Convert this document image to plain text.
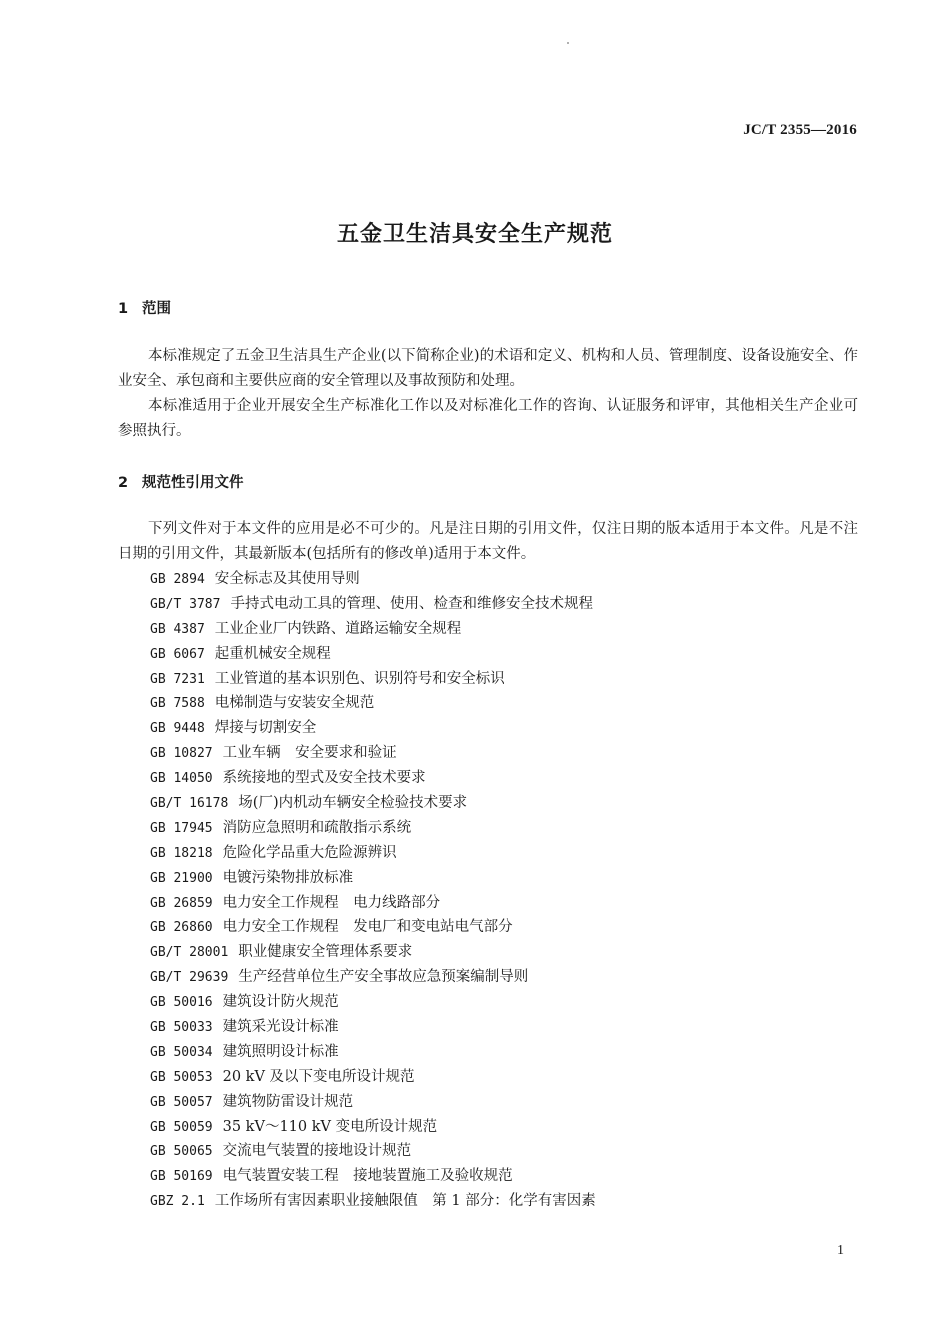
JC/T 2355—2016
五金卫生洁具安全生产规范
1 范围

本标准规定了五金卫生洁具生产企业(以下简称企业)的术语和定义、机构和人员、管理制度、设备设施安全、作业安全、承包商和主要供应商的安全管理以及事故预防和处理。

本标准适用于企业开展安全生产标准化工作以及对标准化工作的咨询、认证服务和评审，其他相关生产企业可参照执行。

2 规范性引用文件

下列文件对于本文件的应用是必不可少的。凡是注日期的引用文件，仅注日期的版本适用于本文件。凡是不注日期的引用文件，其最新版本(包括所有的修改单)适用于本文件。

GB 2894 安全标志及其使用导则
GB/T 3787 手持式电动工具的管理、使用、检查和维修安全技术规程
GB 4387 工业企业厂内铁路、道路运输安全规程
GB 6067 起重机械安全规程
GB 7231 工业管道的基本识别色、识别符号和安全标识
GB 7588 电梯制造与安装安全规范
GB 9448 焊接与切割安全
GB 10827 工业车辆　安全要求和验证
GB 14050 系统接地的型式及安全技术要求
GB/T 16178 场(厂)内机动车辆安全检验技术要求
GB 17945 消防应急照明和疏散指示系统
GB 18218 危险化学品重大危险源辨识
GB 21900 电镀污染物排放标准
GB 26859 电力安全工作规程　电力线路部分
GB 26860 电力安全工作规程　发电厂和变电站电气部分
GB/T 28001 职业健康安全管理体系要求
GB/T 29639 生产经营单位生产安全事故应急预案编制导则
GB 50016 建筑设计防火规范
GB 50033 建筑采光设计标准
GB 50034 建筑照明设计标准
GB 50053 20 kV 及以下变电所设计规范
GB 50057 建筑物防雷设计规范
GB 50059 35 kV～110 kV 变电所设计规范
GB 50065 交流电气装置的接地设计规范
GB 50169 电气装置安装工程　接地装置施工及验收规范
GBZ 2.1 工作场所有害因素职业接触限值　第 1 部分：化学有害因素
1
